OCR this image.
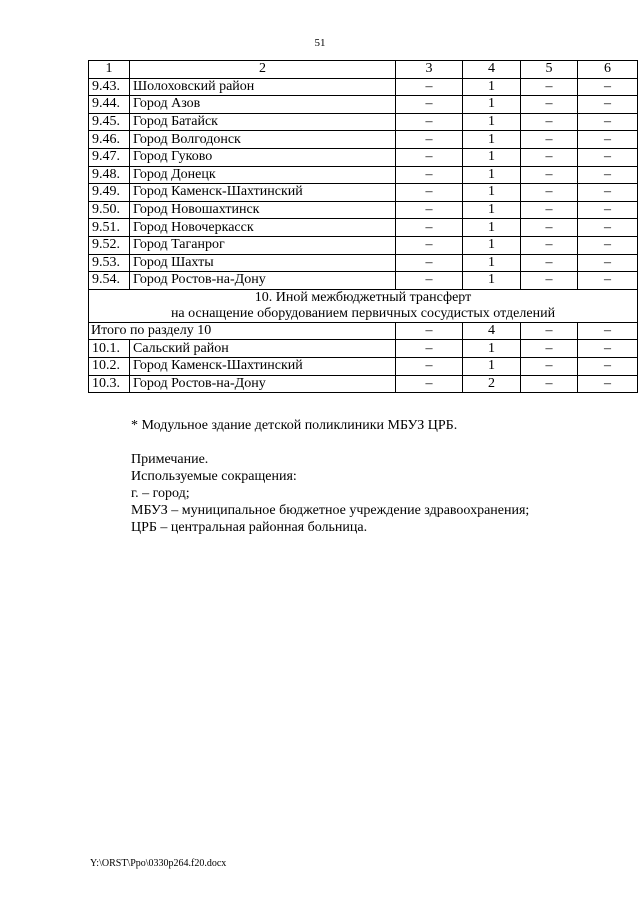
51
1	2	3	4	5	6
9.43.	Шолоховский район	–	1	–	–
9.44.	Город Азов	–	1	–	–
9.45.	Город Батайск	–	1	–	–
9.46.	Город Волгодонск	–	1	–	–
9.47.	Город Гуково	–	1	–	–
9.48.	Город Донецк	–	1	–	–
9.49.	Город Каменск-Шахтинский	–	1	–	–
9.50.	Город Новошахтинск	–	1	–	–
9.51.	Город Новочеркасск	–	1	–	–
9.52.	Город Таганрог	–	1	–	–
9.53.	Город Шахты	–	1	–	–
9.54.	Город Ростов-на-Дону	–	1	–	–

10. Иной межбюджетный трансферт
на оснащение оборудованием первичных сосудистых отделений					

Итого по разделу 10		–	4	–	–
10.1.	Сальский район	–	1	–	–
10.2.	Город Каменск-Шахтинский	–	1	–	–
10.3.	Город Ростов-на-Дону	–	2	–	–

* Модульное здание детской поликлиники МБУЗ ЦРБ.

Примечание.

Используемые сокращения:

г. – город;

МБУЗ – муниципальное бюджетное учреждение здравоохранения;

ЦРБ – центральная районная больница.

Y:\ORST\Ppo\0330p264.f20.docx
